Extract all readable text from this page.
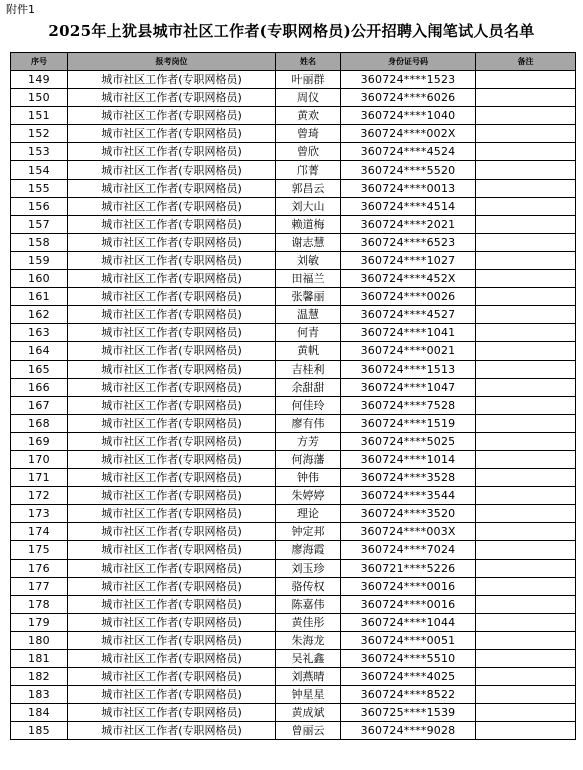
附件1
2025年上犹县城市社区工作者(专职网格员)公开招聘入闱笔试人员名单
序号	报考岗位	姓名	身份证号码	备注
149	城市社区工作者(专职网格员)	叶丽群	360724****1523	
150	城市社区工作者(专职网格员)	周仪	360724****6026	
151	城市社区工作者(专职网格员)	黄欢	360724****1040	
152	城市社区工作者(专职网格员)	曾琦	360724****002X	
153	城市社区工作者(专职网格员)	曾欣	360724****4524	
154	城市社区工作者(专职网格员)	邝菁	360724****5520	
155	城市社区工作者(专职网格员)	郭昌云	360724****0013	
156	城市社区工作者(专职网格员)	刘大山	360724****4514	
157	城市社区工作者(专职网格员)	赖道梅	360724****2021	
158	城市社区工作者(专职网格员)	谢志慧	360724****6523	
159	城市社区工作者(专职网格员)	刘敏	360724****1027	
160	城市社区工作者(专职网格员)	田福兰	360724****452X	
161	城市社区工作者(专职网格员)	张馨丽	360724****0026	
162	城市社区工作者(专职网格员)	温慧	360724****4527	
163	城市社区工作者(专职网格员)	何青	360724****1041	
164	城市社区工作者(专职网格员)	黄帆	360724****0021	
165	城市社区工作者(专职网格员)	吉桂利	360724****1513	
166	城市社区工作者(专职网格员)	余甜甜	360724****1047	
167	城市社区工作者(专职网格员)	何佳玲	360724****7528	
168	城市社区工作者(专职网格员)	廖有伟	360724****1519	
169	城市社区工作者(专职网格员)	方芳	360724****5025	
170	城市社区工作者(专职网格员)	何海藩	360724****1014	
171	城市社区工作者(专职网格员)	钟伟	360724****3528	
172	城市社区工作者(专职网格员)	朱婷婷	360724****3544	
173	城市社区工作者(专职网格员)	理论	360724****3520	
174	城市社区工作者(专职网格员)	钟定邦	360724****003X	
175	城市社区工作者(专职网格员)	廖海霞	360724****7024	
176	城市社区工作者(专职网格员)	刘玉珍	360721****5226	
177	城市社区工作者(专职网格员)	骆传权	360724****0016	
178	城市社区工作者(专职网格员)	陈嘉伟	360724****0016	
179	城市社区工作者(专职网格员)	黄佳彤	360724****1044	
180	城市社区工作者(专职网格员)	朱海龙	360724****0051	
181	城市社区工作者(专职网格员)	吴礼鑫	360724****5510	
182	城市社区工作者(专职网格员)	刘燕晴	360724****4025	
183	城市社区工作者(专职网格员)	钟星星	360724****8522	
184	城市社区工作者(专职网格员)	黄成斌	360725****1539	
185	城市社区工作者(专职网格员)	曾丽云	360724****9028	
